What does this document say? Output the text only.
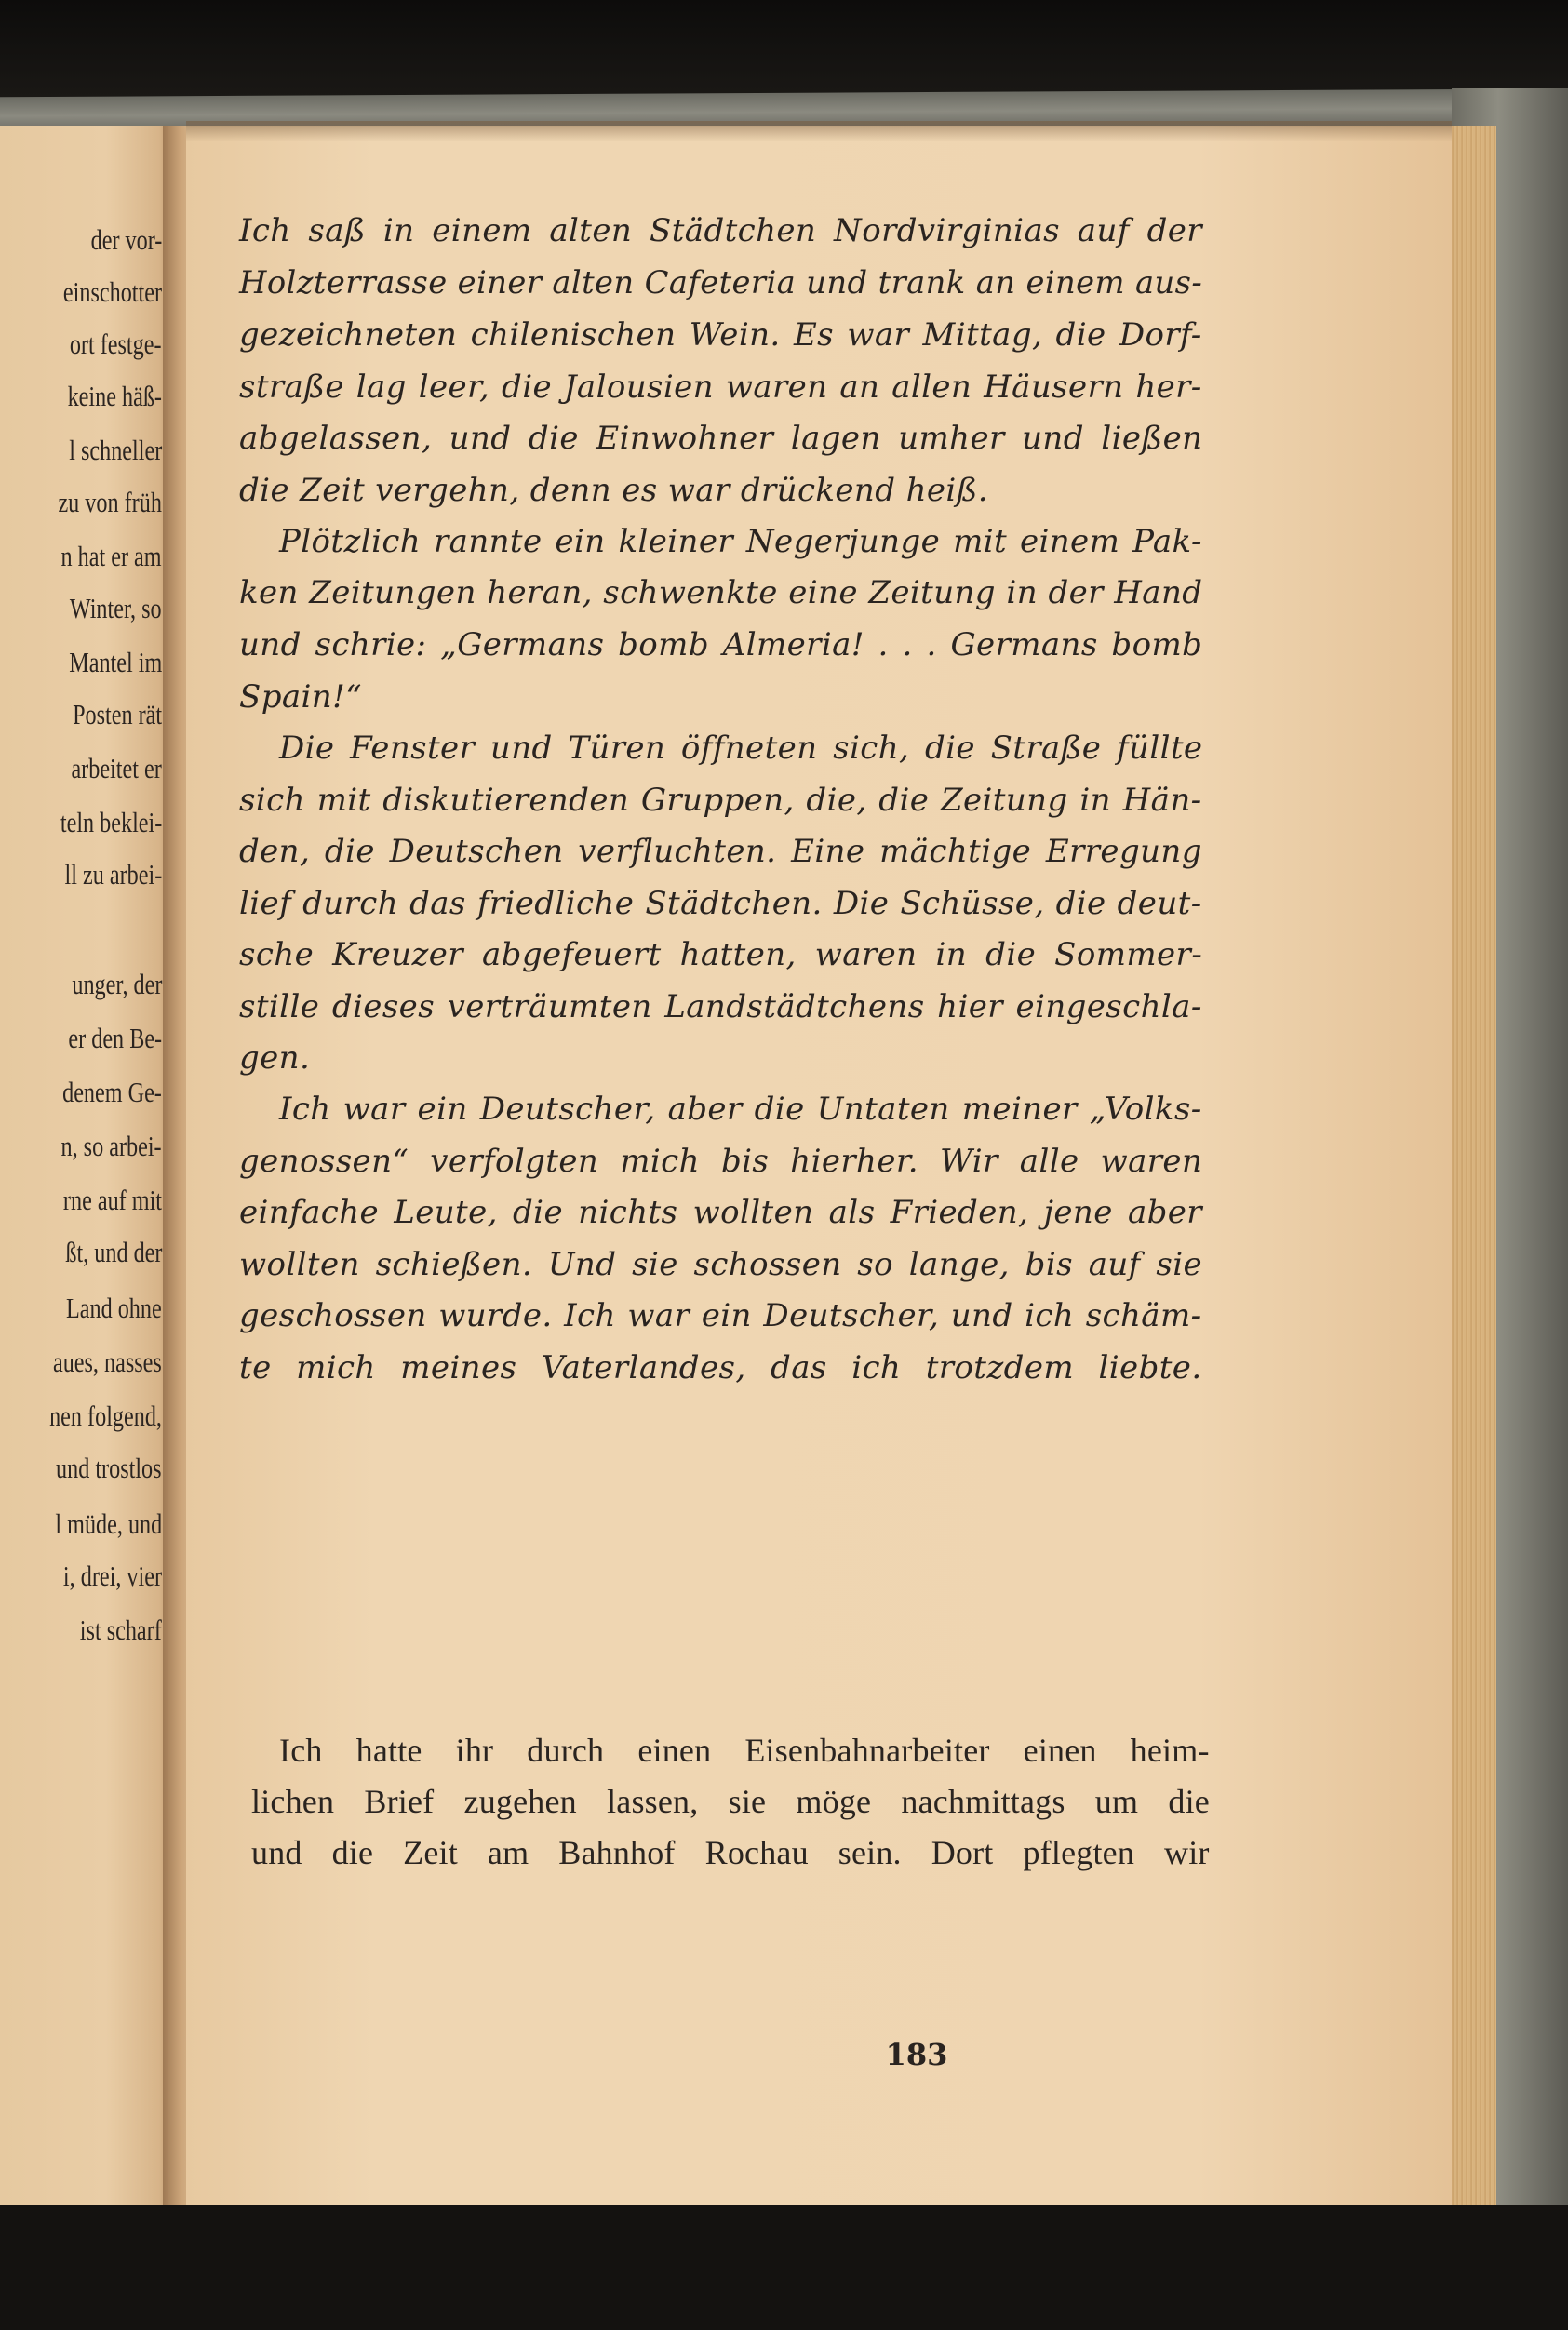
der vor-
einschotter
ort festge-
keine häß-
l schneller
zu von früh
n hat er am
Winter, so
Mantel im
Posten rät
arbeitet er
teln beklei-
ll zu arbei-
unger, der
er den Be-
denem Ge-
n, so arbei-
rne auf mit
ßt, und der
Land ohne
aues, nasses
nen folgend,
und trostlos
l müde, und
i, drei, vier
ist scharf
Ich saß in einem alten Städtchen Nordvirginias auf der
Holzterrasse einer alten Cafeteria und trank an einem aus-
gezeichneten chilenischen Wein. Es war Mittag, die Dorf-
straße lag leer, die Jalousien waren an allen Häusern her-
abgelassen, und die Einwohner lagen umher und ließen
die Zeit vergehn, denn es war drückend heiß.
Plötzlich rannte ein kleiner Negerjunge mit einem Pak-
ken Zeitungen heran, schwenkte eine Zeitung in der Hand
und schrie: „Germans bomb Almeria! . . . Germans bomb
Spain!“
Die Fenster und Türen öffneten sich, die Straße füllte
sich mit diskutierenden Gruppen, die, die Zeitung in Hän-
den, die Deutschen verfluchten. Eine mächtige Erregung
lief durch das friedliche Städtchen. Die Schüsse, die deut-
sche Kreuzer abgefeuert hatten, waren in die Sommer-
stille dieses verträumten Landstädtchens hier eingeschla-
gen.
Ich war ein Deutscher, aber die Untaten meiner „Volks-
genossen“ verfolgten mich bis hierher. Wir alle waren
einfache Leute, die nichts wollten als Frieden, jene aber
wollten schießen. Und sie schossen so lange, bis auf sie
geschossen wurde. Ich war ein Deutscher, und ich schäm-
te mich meines Vaterlandes, das ich trotzdem liebte.
Ich hatte ihr durch einen Eisenbahnarbeiter einen heim-
lichen Brief zugehen lassen, sie möge nachmittags um die
und die Zeit am Bahnhof Rochau sein. Dort pflegten wir
183
